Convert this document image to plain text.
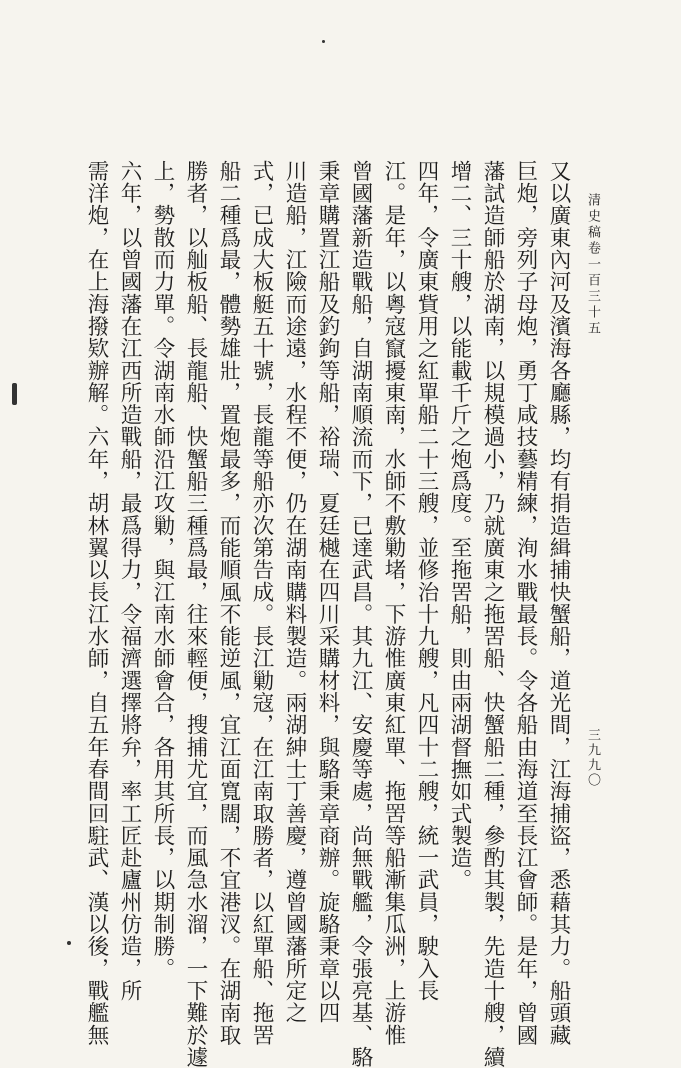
清史稿卷一百三十五
三九九〇
又以廣東內河及濱海各廳縣，均有捐造緝捕快蟹船，道光間，江海捕盜，悉藉其力。船頭藏
巨炮，旁列子母炮，勇丁咸技藝精練，洵水戰最長。令各船由海道至長江會師。是年，曾國
藩試造師船於湖南，以規模過小，乃就廣東之拖罟船、快蟹船二種，參酌其製，先造十艘，續
增二、三十艘，以能載千斤之炮爲度。至拖罟船，則由兩湖督撫如式製造。
四年，令廣東貲用之紅單船二十三艘，並修治十九艘，凡四十二艘，統一武員，駛入長
江。是年，以粵寇竄擾東南，水師不敷勦堵，下游惟廣東紅單、拖罟等船漸集瓜洲，上游惟
曾國藩新造戰船，自湖南順流而下，已達武昌。其九江、安慶等處，尚無戰艦，令張亮基、駱
秉章購置江船及釣鉤等船，裕瑞、夏廷樾在四川采購材料，與駱秉章商辦。旋駱秉章以四
川造船，江險而途遠，水程不便，仍在湖南購料製造。兩湖紳士丁善慶，遵曾國藩所定之
式，已成大板艇五十號，長龍等船亦次第告成。長江勦寇，在江南取勝者，以紅單船、拖罟
船二種爲最，體勢雄壯，置炮最多，而能順風不能逆風，宜江面寬闊，不宜港汊。在湖南取
勝者，以舢板船、長龍船、快蟹船三種爲最，往來輕便，搜捕尤宜，而風急水溜，一下難於遽
上，勢散而力單。令湖南水師沿江攻勦，與江南水師會合，各用其所長，以期制勝。
六年，以曾國藩在江西所造戰船，最爲得力，令福濟選擇將弁，率工匠赴廬州仿造，所
需洋炮，在上海撥欵辦解。六年，胡林翼以長江水師，自五年春間回駐武、漢以後，戰艦無
